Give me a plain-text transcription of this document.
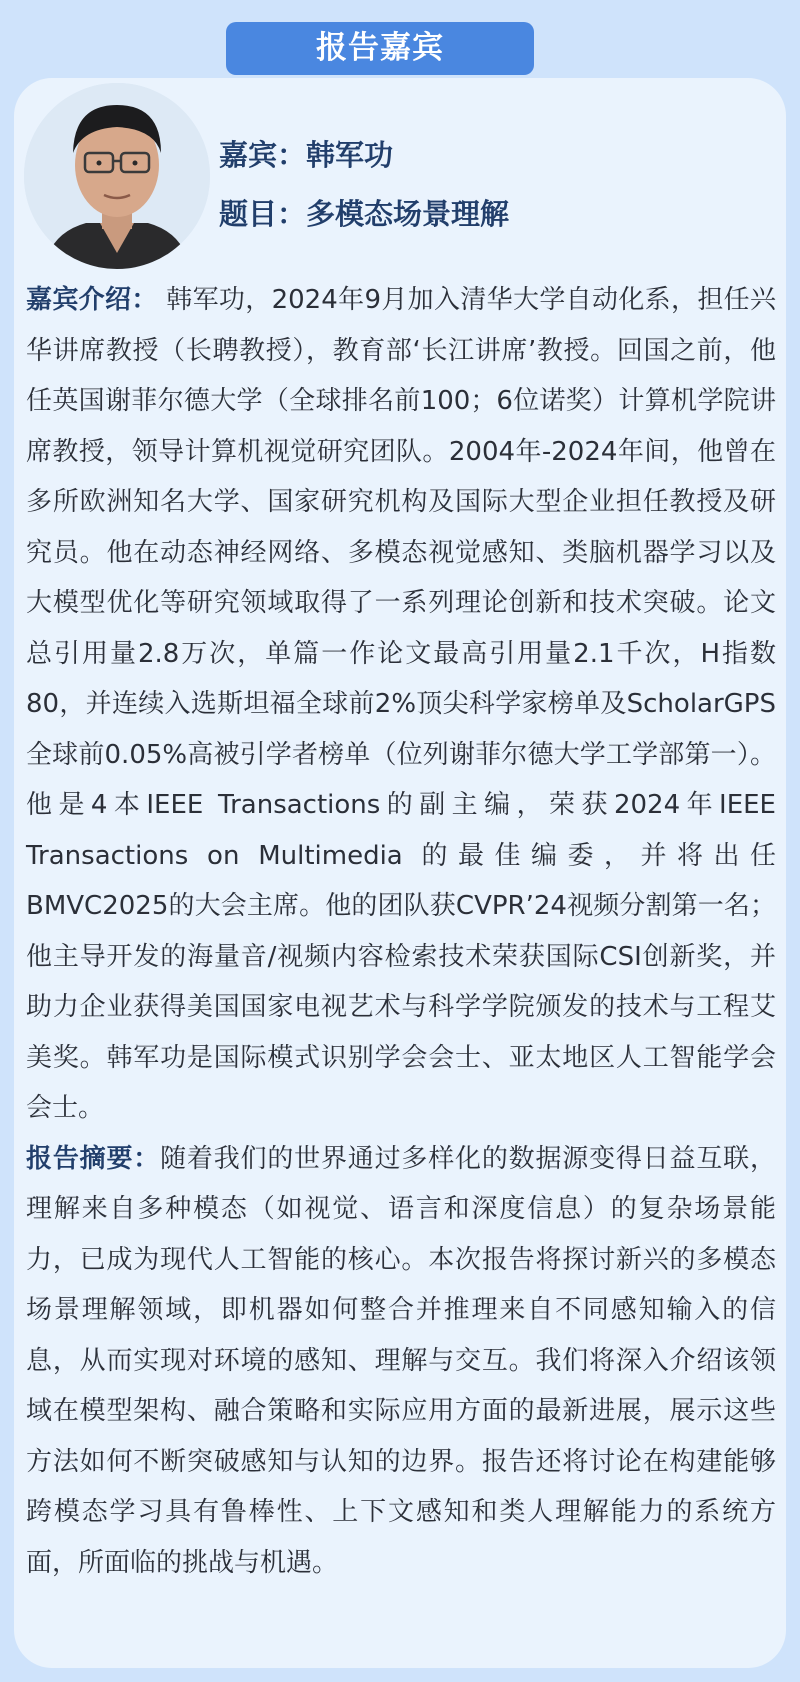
报告嘉宾
嘉宾：韩军功
题目：多模态场景理解

嘉宾介绍： 韩军功，2024年9月加入清华大学自动化系，担任兴华讲席教授（长聘教授），教育部‘长江讲席’教授。回国之前，他任英国谢菲尔德大学（全球排名前100；6位诺奖）计算机学院讲席教授，领导计算机视觉研究团队。2004年-2024年间，他曾在多所欧洲知名大学、国家研究机构及国际大型企业担任教授及研究员。他在动态神经网络、多模态视觉感知、类脑机器学习以及大模型优化等研究领域取得了一系列理论创新和技术突破。论文总引用量2.8万次，单篇一作论文最高引用量2.1千次，H指数80，并连续入选斯坦福全球前2%顶尖科学家榜单及ScholarGPS全球前0.05%高被引学者榜单（位列谢菲尔德大学工学部第一）。他是4本IEEE Transactions的副主编，荣获2024年IEEE Transactions on Multimedia 的最佳编委，并将出任BMVC2025的大会主席。他的团队获CVPR’24视频分割第一名；他主导开发的海量音/视频内容检索技术荣获国际CSI创新奖，并助力企业获得美国国家电视艺术与科学学院颁发的技术与工程艾美奖。韩军功是国际模式识别学会会士、亚太地区人工智能学会会士。

报告摘要：随着我们的世界通过多样化的数据源变得日益互联，理解来自多种模态（如视觉、语言和深度信息）的复杂场景能力，已成为现代人工智能的核心。本次报告将探讨新兴的多模态场景理解领域，即机器如何整合并推理来自不同感知输入的信息，从而实现对环境的感知、理解与交互。我们将深入介绍该领域在模型架构、融合策略和实际应用方面的最新进展，展示这些方法如何不断突破感知与认知的边界。报告还将讨论在构建能够跨模态学习具有鲁棒性、上下文感知和类人理解能力的系统方面，所面临的挑战与机遇。
